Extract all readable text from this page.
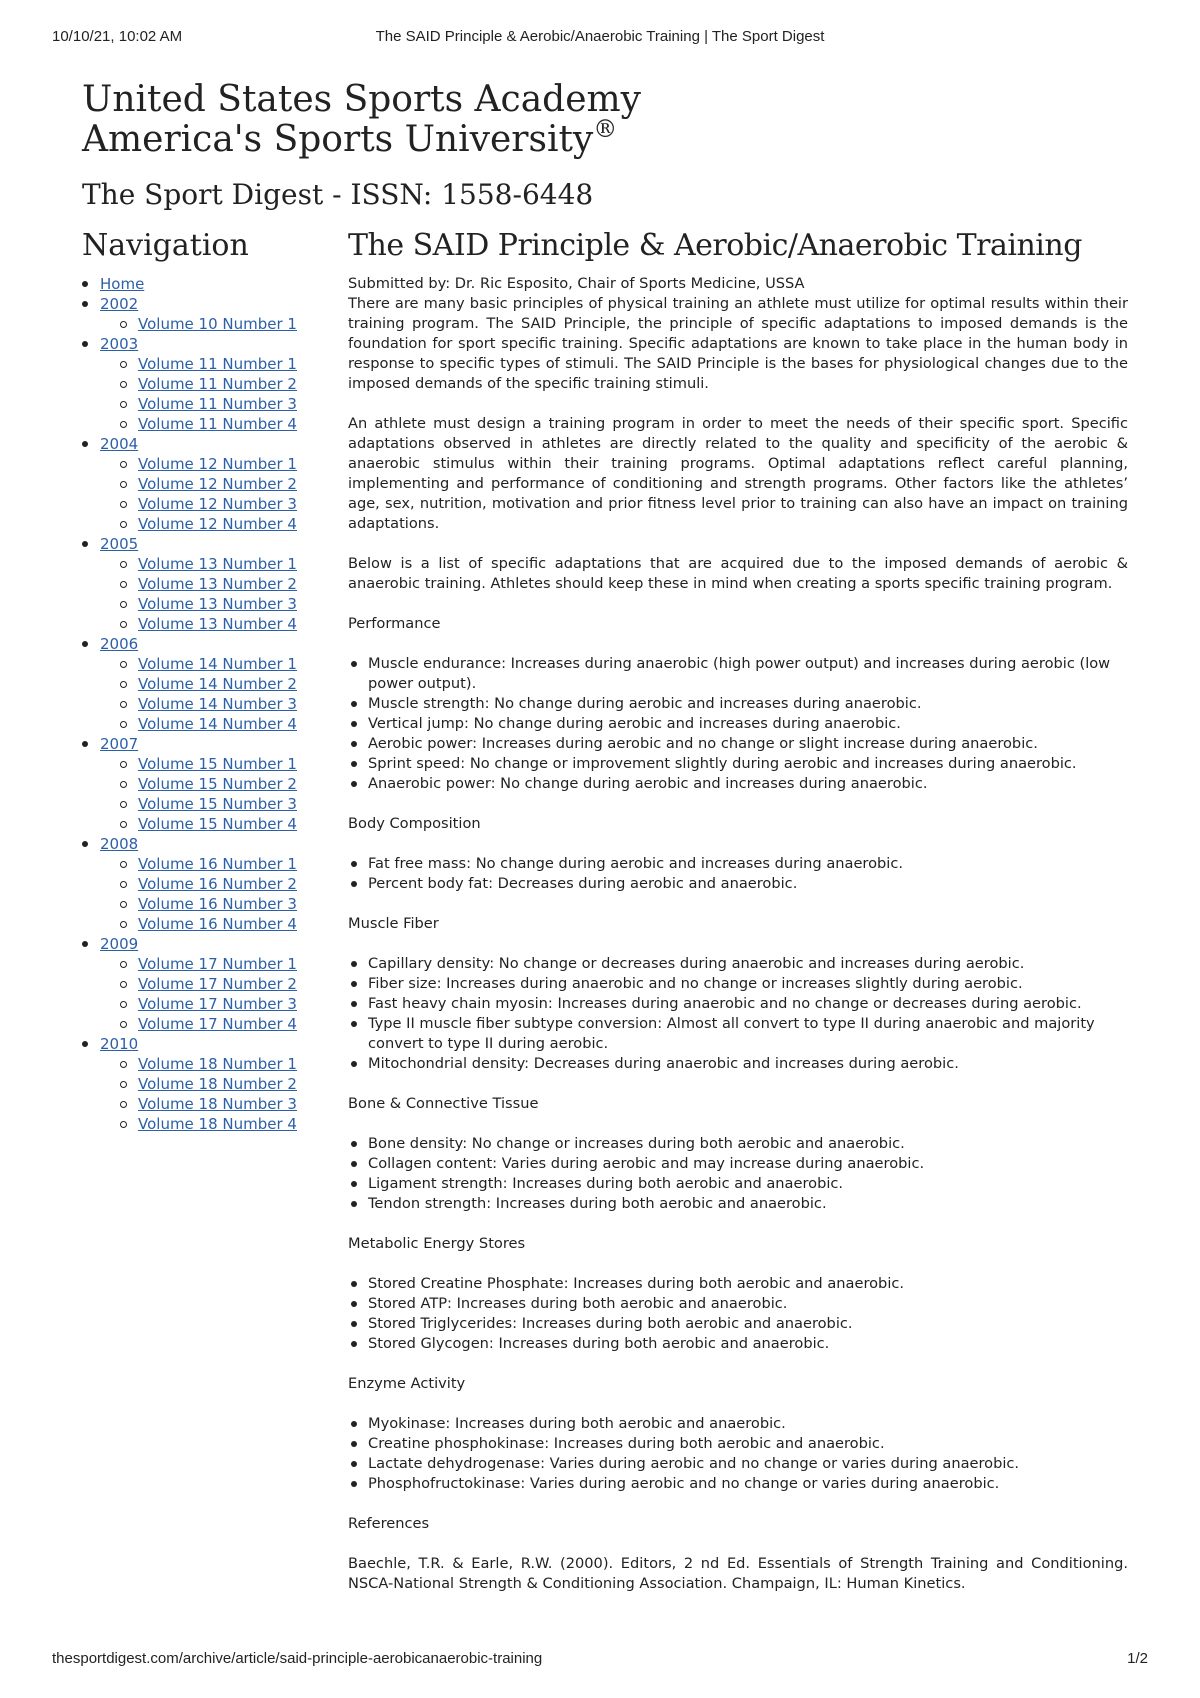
10/10/21, 10:02 AM	The SAID Principle & Aerobic/Anaerobic Training | The Sport Digest
United States Sports Academy
America's Sports University®
The Sport Digest - ISSN: 1558-6448
Navigation
Home
2002
Volume 10 Number 1
2003
Volume 11 Number 1
Volume 11 Number 2
Volume 11 Number 3
Volume 11 Number 4
2004
Volume 12 Number 1
Volume 12 Number 2
Volume 12 Number 3
Volume 12 Number 4
2005
Volume 13 Number 1
Volume 13 Number 2
Volume 13 Number 3
Volume 13 Number 4
2006
Volume 14 Number 1
Volume 14 Number 2
Volume 14 Number 3
Volume 14 Number 4
2007
Volume 15 Number 1
Volume 15 Number 2
Volume 15 Number 3
Volume 15 Number 4
2008
Volume 16 Number 1
Volume 16 Number 2
Volume 16 Number 3
Volume 16 Number 4
2009
Volume 17 Number 1
Volume 17 Number 2
Volume 17 Number 3
Volume 17 Number 4
2010
Volume 18 Number 1
Volume 18 Number 2
Volume 18 Number 3
Volume 18 Number 4
The SAID Principle & Aerobic/Anaerobic Training

Submitted by: Dr. Ric Esposito, Chair of Sports Medicine, USSA

There are many basic principles of physical training an athlete must utilize for optimal results within their training program. The SAID Principle, the principle of specific adaptations to imposed demands is the foundation for sport specific training. Specific adaptations are known to take place in the human body in response to specific types of stimuli. The SAID Principle is the bases for physiological changes due to the imposed demands of the specific training stimuli.

An athlete must design a training program in order to meet the needs of their specific sport. Specific adaptations observed in athletes are directly related to the quality and specificity of the aerobic & anaerobic stimulus within their training programs. Optimal adaptations reflect careful planning, implementing and performance of conditioning and strength programs. Other factors like the athletes’ age, sex, nutrition, motivation and prior fitness level prior to training can also have an impact on training adaptations.

Below is a list of specific adaptations that are acquired due to the imposed demands of aerobic & anaerobic training. Athletes should keep these in mind when creating a sports specific training program.

Performance
Muscle endurance: Increases during anaerobic (high power output) and increases during aerobic (low power output).
Muscle strength: No change during aerobic and increases during anaerobic.
Vertical jump: No change during aerobic and increases during anaerobic.
Aerobic power: Increases during aerobic and no change or slight increase during anaerobic.
Sprint speed: No change or improvement slightly during aerobic and increases during anaerobic.
Anaerobic power: No change during aerobic and increases during anaerobic.
Body Composition
Fat free mass: No change during aerobic and increases during anaerobic.
Percent body fat: Decreases during aerobic and anaerobic.
Muscle Fiber
Capillary density: No change or decreases during anaerobic and increases during aerobic.
Fiber size: Increases during anaerobic and no change or increases slightly during aerobic.
Fast heavy chain myosin: Increases during anaerobic and no change or decreases during aerobic.
Type II muscle fiber subtype conversion: Almost all convert to type II during anaerobic and majority convert to type II during aerobic.
Mitochondrial density: Decreases during anaerobic and increases during aerobic.
Bone & Connective Tissue
Bone density: No change or increases during both aerobic and anaerobic.
Collagen content: Varies during aerobic and may increase during anaerobic.
Ligament strength: Increases during both aerobic and anaerobic.
Tendon strength: Increases during both aerobic and anaerobic.
Metabolic Energy Stores
Stored Creatine Phosphate: Increases during both aerobic and anaerobic.
Stored ATP: Increases during both aerobic and anaerobic.
Stored Triglycerides: Increases during both aerobic and anaerobic.
Stored Glycogen: Increases during both aerobic and anaerobic.
Enzyme Activity
Myokinase: Increases during both aerobic and anaerobic.
Creatine phosphokinase: Increases during both aerobic and anaerobic.
Lactate dehydrogenase: Varies during aerobic and no change or varies during anaerobic.
Phosphofructokinase: Varies during aerobic and no change or varies during anaerobic.
References

Baechle, T.R. & Earle, R.W. (2000). Editors, 2 nd Ed. Essentials of Strength Training and Conditioning. NSCA-National Strength & Conditioning Association. Champaign, IL: Human Kinetics.

thesportdigest.com/archive/article/said-principle-aerobicanaerobic-training	1/2
